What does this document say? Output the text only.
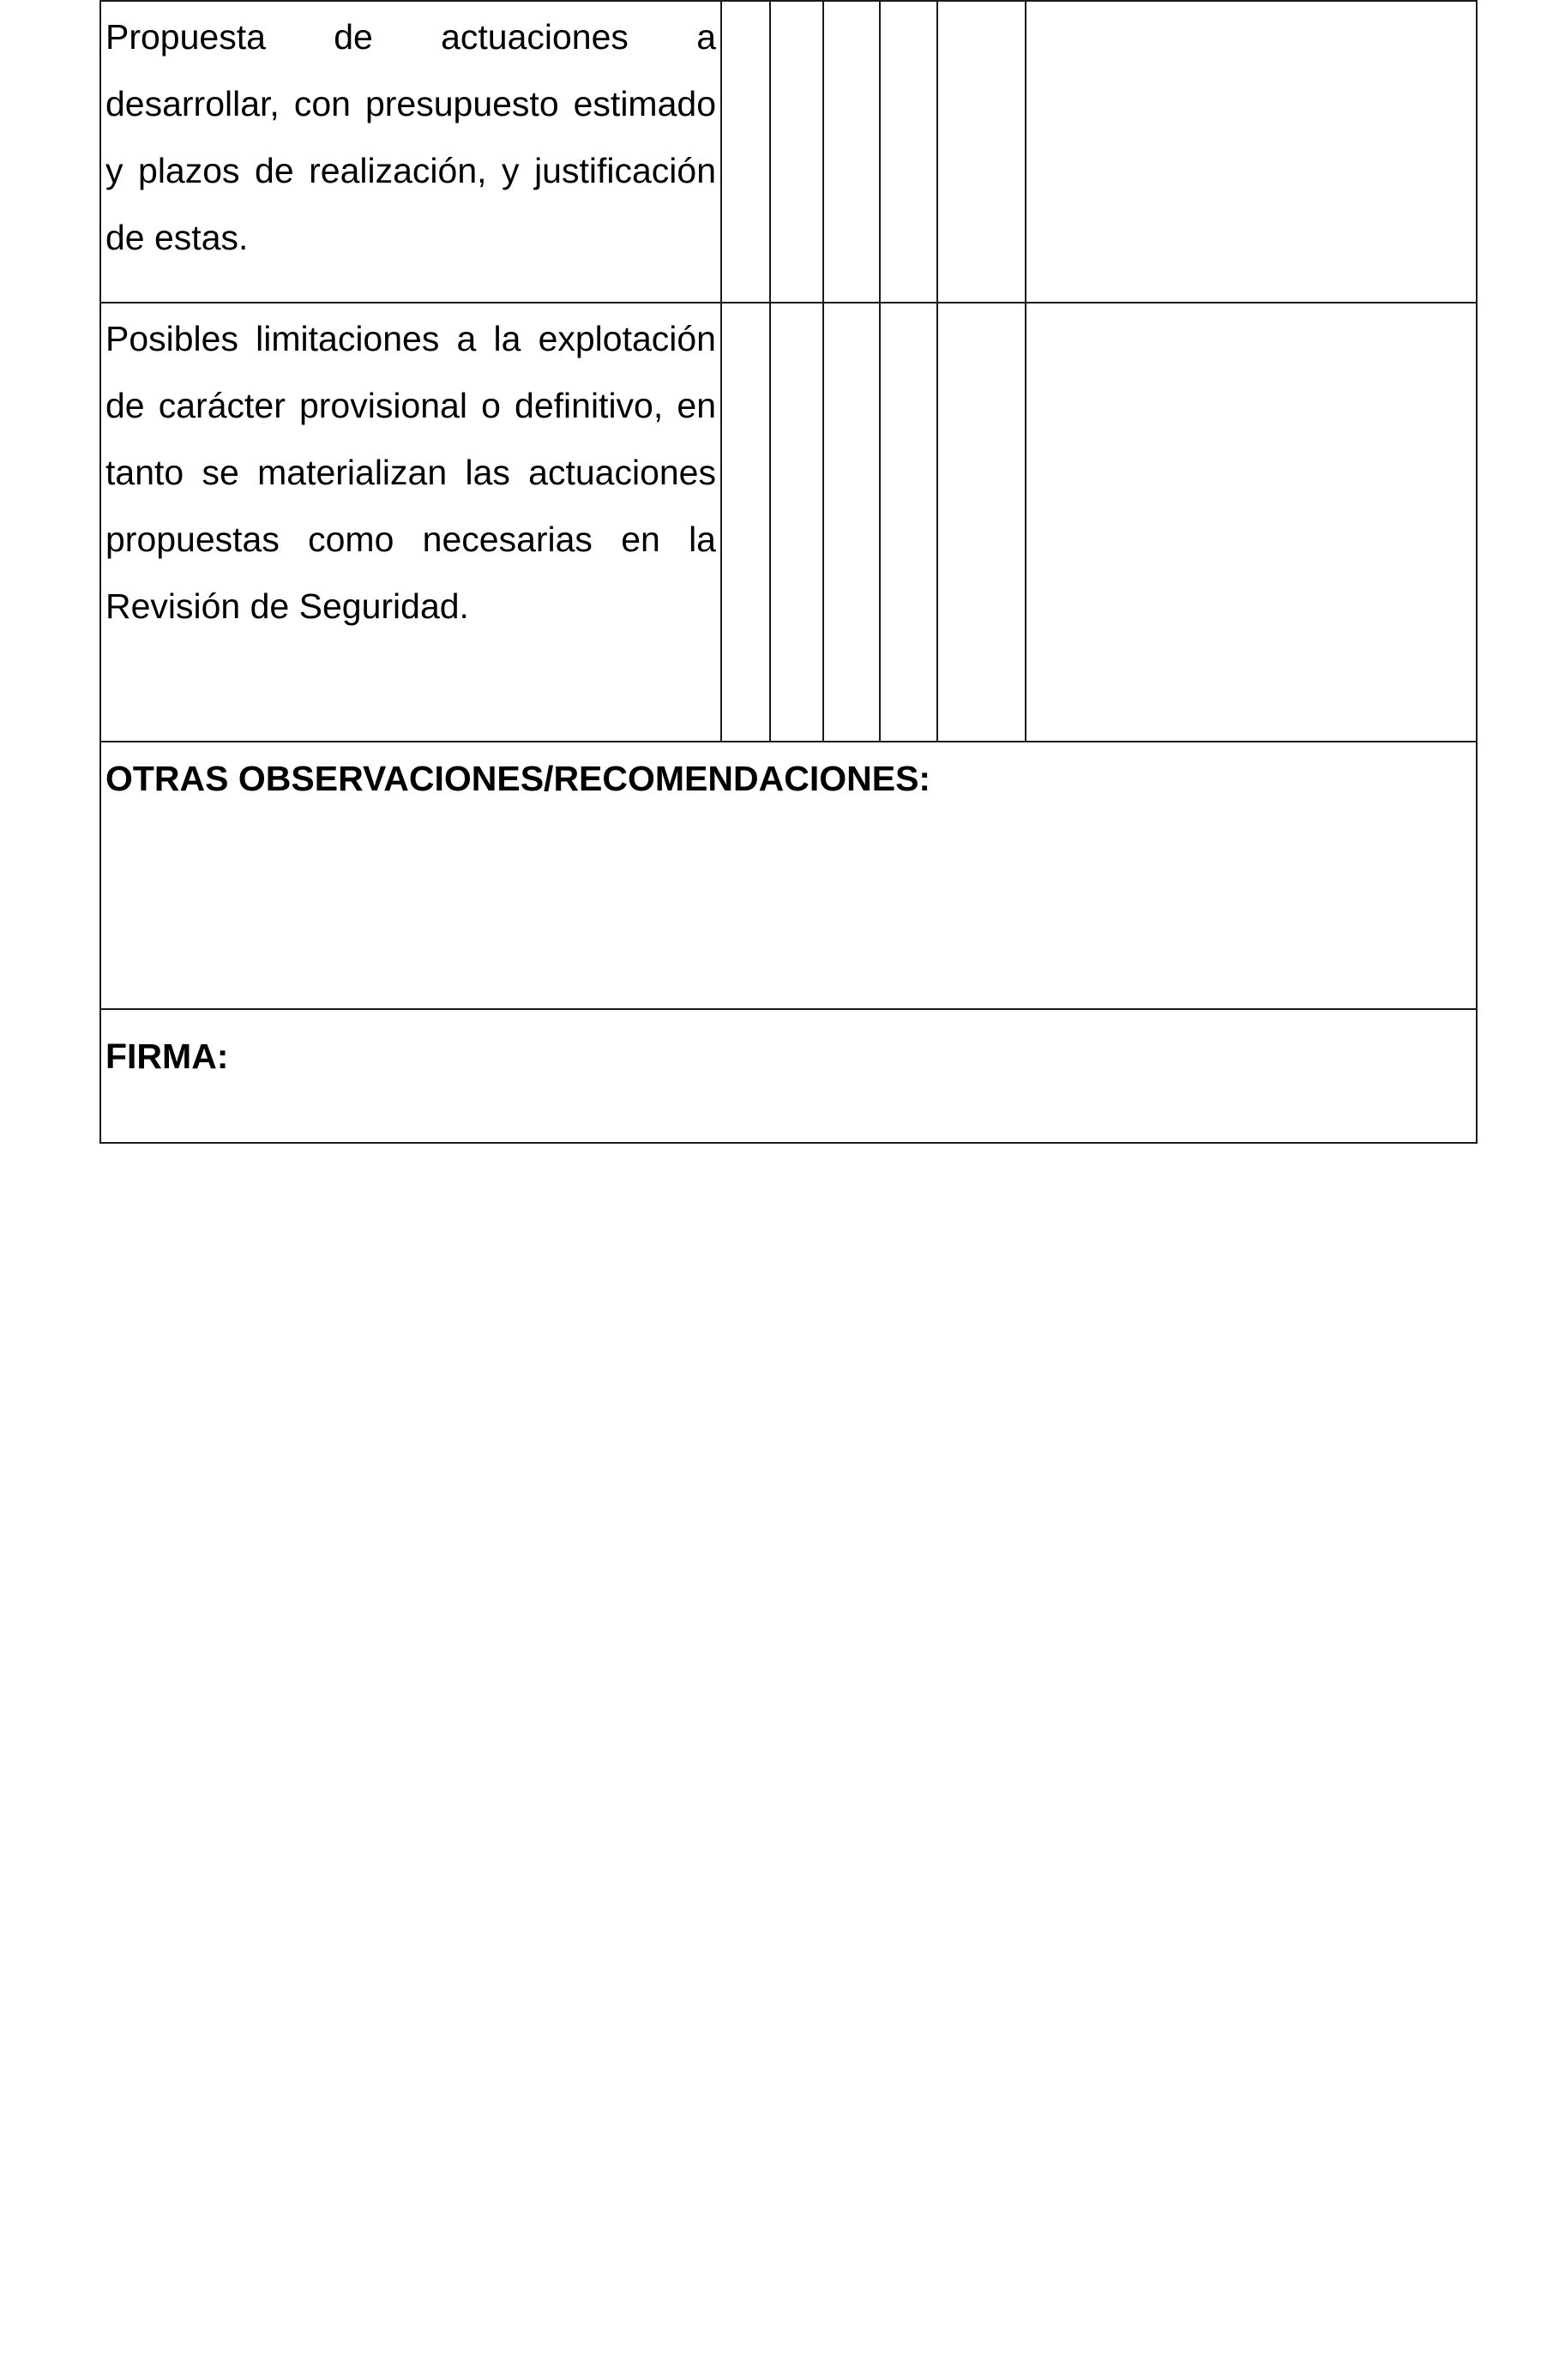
Propuesta de actuaciones a desarrollar, con presupuesto estimado y plazos de realización, y justificación de estas.						

Posibles limitaciones a la explotación de carácter provisional o definitivo, en tanto se materializan las actuaciones propuestas como necesarias en la Revisión de Seguridad.						

OTRAS OBSERVACIONES/RECOMENDACIONES:						

FIRMA:						
